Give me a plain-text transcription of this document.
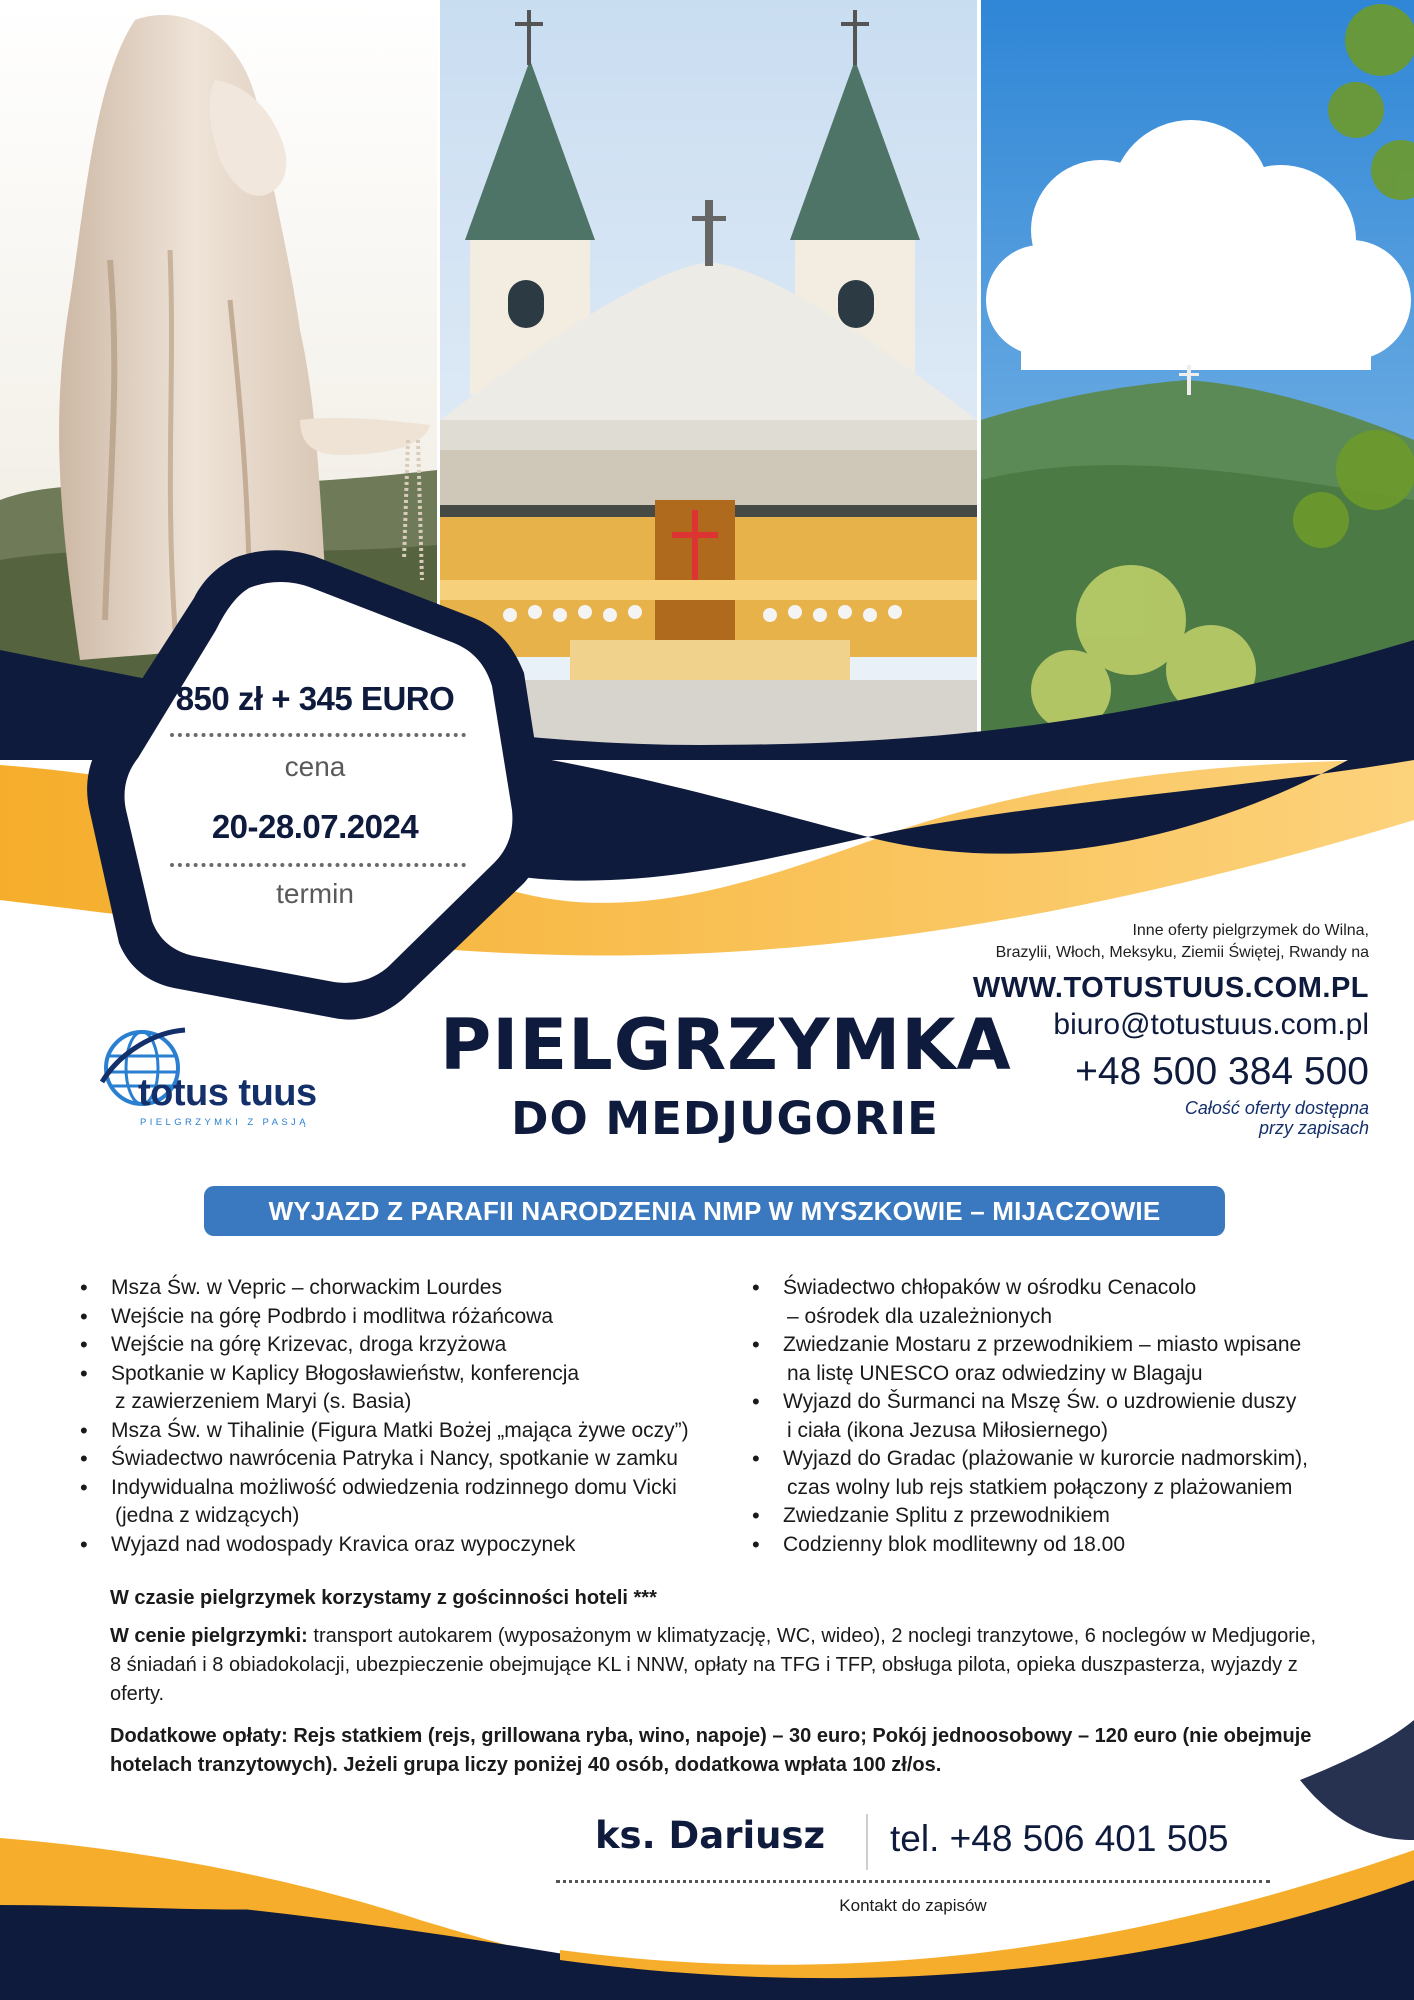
850 zł + 345 EURO
cena
20-28.07.2024
termin
totus tuus
PIELGRZYMKI Z PASJĄ
PIELGRZYMKA
DO MEDJUGORIE
Inne oferty pielgrzymek do Wilna,
Brazylii, Włoch, Meksyku, Ziemii Świętej, Rwandy na
WWW.TOTUSTUUS.COM.PL
biuro@totustuus.com.pl
+48 500 384 500
Całość oferty dostępna
przy zapisach
WYJAZD Z PARAFII NARODZENIA NMP W MYSZKOWIE – MIJACZOWIE
• Msza Św. w Vepric – chorwackim Lourdes
• Wejście na górę Podbrdo i modlitwa różańcowa
• Wejście na górę Krizevac, droga krzyżowa
• Spotkanie w Kaplicy Błogosławieństw, konferencja
z zawierzeniem Maryi (s. Basia)
• Msza Św. w Tihalinie (Figura Matki Bożej „mająca żywe oczy”)
• Świadectwo nawrócenia Patryka i Nancy, spotkanie w zamku
• Indywidualna możliwość odwiedzenia rodzinnego domu Vicki
(jedna z widzących)
• Wyjazd nad wodospady Kravica oraz wypoczynek
• Świadectwo chłopaków w ośrodku Cenacolo
– ośrodek dla uzależnionych
• Zwiedzanie Mostaru z przewodnikiem – miasto wpisane
na listę UNESCO oraz odwiedziny w Blagaju
• Wyjazd do Šurmanci na Mszę Św. o uzdrowienie duszy
i ciała (ikona Jezusa Miłosiernego)
• Wyjazd do Gradac (plażowanie w kurorcie nadmorskim),
czas wolny lub rejs statkiem połączony z plażowaniem
• Zwiedzanie Splitu z przewodnikiem
• Codzienny blok modlitewny od 18.00
W czasie pielgrzymek korzystamy z gościnności hoteli ***
W cenie pielgrzymki: transport autokarem (wyposażonym w klimatyzację, WC, wideo), 2 noclegi tranzytowe, 6 noclegów w Medjugorie, 8 śniadań i 8 obiadokolacji, ubezpieczenie obejmujące KL i NNW, opłaty na TFG i TFP, obsługa pilota, opieka duszpasterza, wyjazdy z oferty.
Dodatkowe opłaty: Rejs statkiem (rejs, grillowana ryba, wino, napoje) – 30 euro; Pokój jednoosobowy – 120 euro (nie obejmuje hotelach tranzytowych). Jeżeli grupa liczy poniżej 40 osób, dodatkowa wpłata 100 zł/os.
ks. Dariusz	tel. +48 506 401 505
Kontakt do zapisów
